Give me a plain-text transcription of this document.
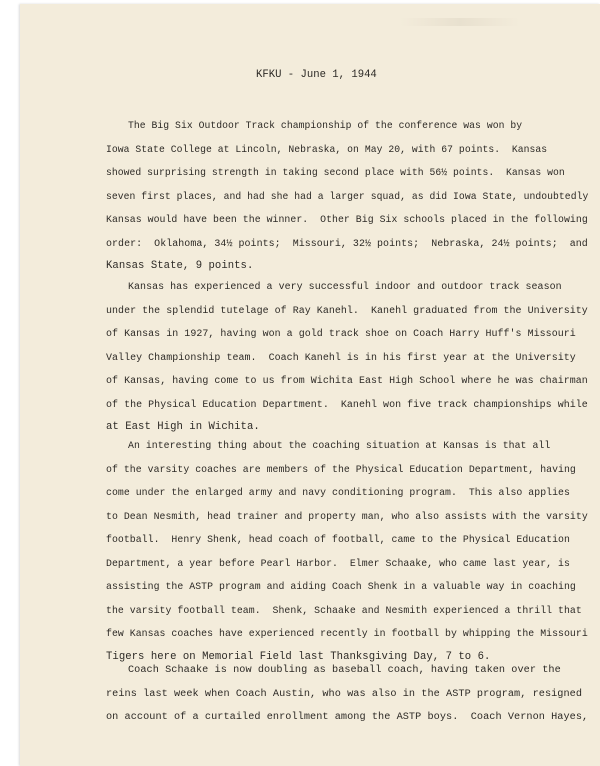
KFKU - June 1, 1944
The Big Six Outdoor Track championship of the conference was won by
Iowa State College at Lincoln, Nebraska, on May 20, with 67 points.  Kansas
showed surprising strength in taking second place with 56½ points.  Kansas won
seven first places, and had she had a larger squad, as did Iowa State, undoubtedly
Kansas would have been the winner.  Other Big Six schools placed in the following
order:  Oklahoma, 34½ points;  Missouri, 32½ points;  Nebraska, 24½ points;  and
Kansas State, 9 points.
Kansas has experienced a very successful indoor and outdoor track season
under the splendid tutelage of Ray Kanehl.  Kanehl graduated from the University
of Kansas in 1927, having won a gold track shoe on Coach Harry Huff's Missouri
Valley Championship team.  Coach Kanehl is in his first year at the University
of Kansas, having come to us from Wichita East High School where he was chairman
of the Physical Education Department.  Kanehl won five track championships while
at East High in Wichita.
An interesting thing about the coaching situation at Kansas is that all
of the varsity coaches are members of the Physical Education Department, having
come under the enlarged army and navy conditioning program.  This also applies
to Dean Nesmith, head trainer and property man, who also assists with the varsity
football.  Henry Shenk, head coach of football, came to the Physical Education
Department, a year before Pearl Harbor.  Elmer Schaake, who came last year, is
assisting the ASTP program and aiding Coach Shenk in a valuable way in coaching
the varsity football team.  Shenk, Schaake and Nesmith experienced a thrill that
few Kansas coaches have experienced recently in football by whipping the Missouri
Tigers here on Memorial Field last Thanksgiving Day, 7 to 6.
Coach Schaake is now doubling as baseball coach, having taken over the
reins last week when Coach Austin, who was also in the ASTP program, resigned
on account of a curtailed enrollment among the ASTP boys.  Coach Vernon Hayes,
